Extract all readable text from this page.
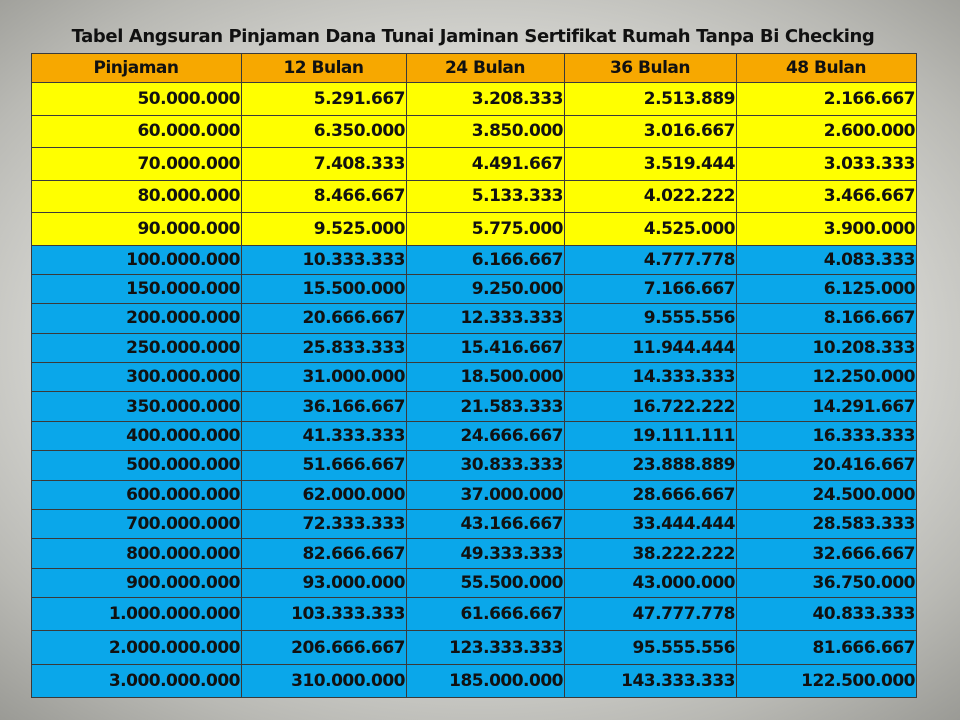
Tabel Angsuran Pinjaman Dana Tunai Jaminan Sertifikat Rumah Tanpa Bi Checking
Pinjaman	12 Bulan	24 Bulan	36 Bulan	48 Bulan
50.000.000	5.291.667	3.208.333	2.513.889	2.166.667
60.000.000	6.350.000	3.850.000	3.016.667	2.600.000
70.000.000	7.408.333	4.491.667	3.519.444	3.033.333
80.000.000	8.466.667	5.133.333	4.022.222	3.466.667
90.000.000	9.525.000	5.775.000	4.525.000	3.900.000
100.000.000	10.333.333	6.166.667	4.777.778	4.083.333
150.000.000	15.500.000	9.250.000	7.166.667	6.125.000
200.000.000	20.666.667	12.333.333	9.555.556	8.166.667
250.000.000	25.833.333	15.416.667	11.944.444	10.208.333
300.000.000	31.000.000	18.500.000	14.333.333	12.250.000
350.000.000	36.166.667	21.583.333	16.722.222	14.291.667
400.000.000	41.333.333	24.666.667	19.111.111	16.333.333
500.000.000	51.666.667	30.833.333	23.888.889	20.416.667
600.000.000	62.000.000	37.000.000	28.666.667	24.500.000
700.000.000	72.333.333	43.166.667	33.444.444	28.583.333
800.000.000	82.666.667	49.333.333	38.222.222	32.666.667
900.000.000	93.000.000	55.500.000	43.000.000	36.750.000
1.000.000.000	103.333.333	61.666.667	47.777.778	40.833.333
2.000.000.000	206.666.667	123.333.333	95.555.556	81.666.667
3.000.000.000	310.000.000	185.000.000	143.333.333	122.500.000
